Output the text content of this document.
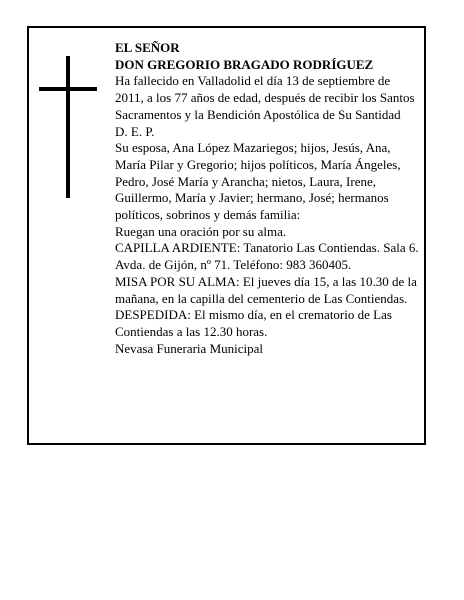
EL SEÑOR

DON GREGORIO BRAGADO RODRÍGUEZ

Ha fallecido en Valladolid el día 13 de septiembre de 2011, a los 77 años de edad, después de recibir los Santos Sacramentos y la Bendición Apostólica de Su Santidad

D. E. P.

Su esposa, Ana López Mazariegos; hijos, Jesús, Ana, María Pilar y Gregorio; hijos políticos, María Ángeles, Pedro, José María y Arancha; nietos, Laura, Irene, Guillermo, María y Javier; hermano, José; hermanos políticos, sobrinos y demás familia:

Ruegan una oración por su alma.

CAPILLA ARDIENTE: Tanatorio Las Contiendas. Sala 6. Avda. de Gijón, nº 71. Teléfono: 983 360405.

MISA POR SU ALMA: El jueves día 15, a las 10.30 de la mañana, en la capilla del cementerio de Las Contiendas.

DESPEDIDA: El mismo día, en el crematorio de Las Contiendas a las 12.30 horas.

Nevasa Funeraria Municipal
